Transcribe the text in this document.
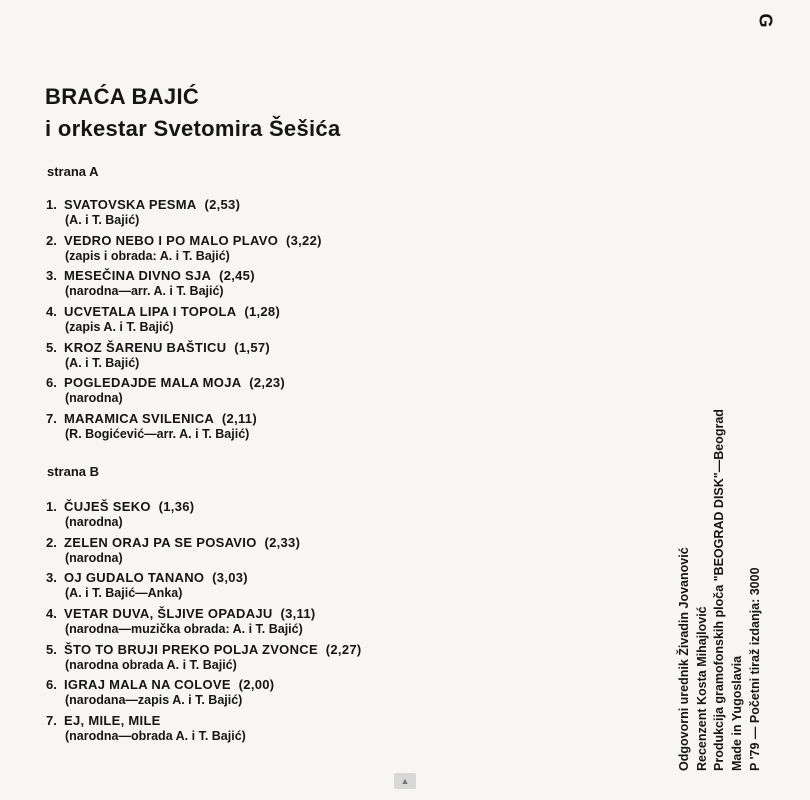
G
BRAĆA BAJIĆ
i orkestar Svetomira Šešića
strana A
1. SVATOVSKA PESMA (2,53)
(A. i T. Bajić)
2. VEDRO NEBO I PO MALO PLAVO (3,22)
(zapis i obrada: A. i T. Bajić)
3. MESEČINA DIVNO SJA (2,45)
(narodna—arr. A. i T. Bajić)
4. UCVETALA LIPA I TOPOLA (1,28)
(zapis A. i T. Bajić)
5. KROZ ŠARENU BAŠTICU (1,57)
(A. i T. Bajić)
6. POGLEDAJDE MALA MOJA (2,23)
(narodna)
7. MARAMICA SVILENICA (2,11)
(R. Bogićević—arr. A. i T. Bajić)
strana B
1. ČUJEŠ SEKO (1,36)
(narodna)
2. ZELEN ORAJ PA SE POSAVIO (2,33)
(narodna)
3. OJ GUDALO TANANO (3,03)
(A. i T. Bajić—Anka)
4. VETAR DUVA, ŠLJIVE OPADAJU (3,11)
(narodna—muzička obrada: A. i T. Bajić)
5. ŠTO TO BRUJI PREKO POLJA ZVONCE (2,27)
(narodna obrada A. i T. Bajić)
6. IGRAJ MALA NA COLOVE (2,00)
(narodana—zapis A. i T. Bajić)
7. EJ, MILE, MILE
(narodna—obrada A. i T. Bajić)	Odgovorni urednik Živadin Jovanović Recenzent Kosta Mihajlović Produkcija gramofonskih ploča "BEOGRAD DISK"—Beograd Made in Yugoslavia P '79 — Početni tiraž izdanja: 3000
▲
